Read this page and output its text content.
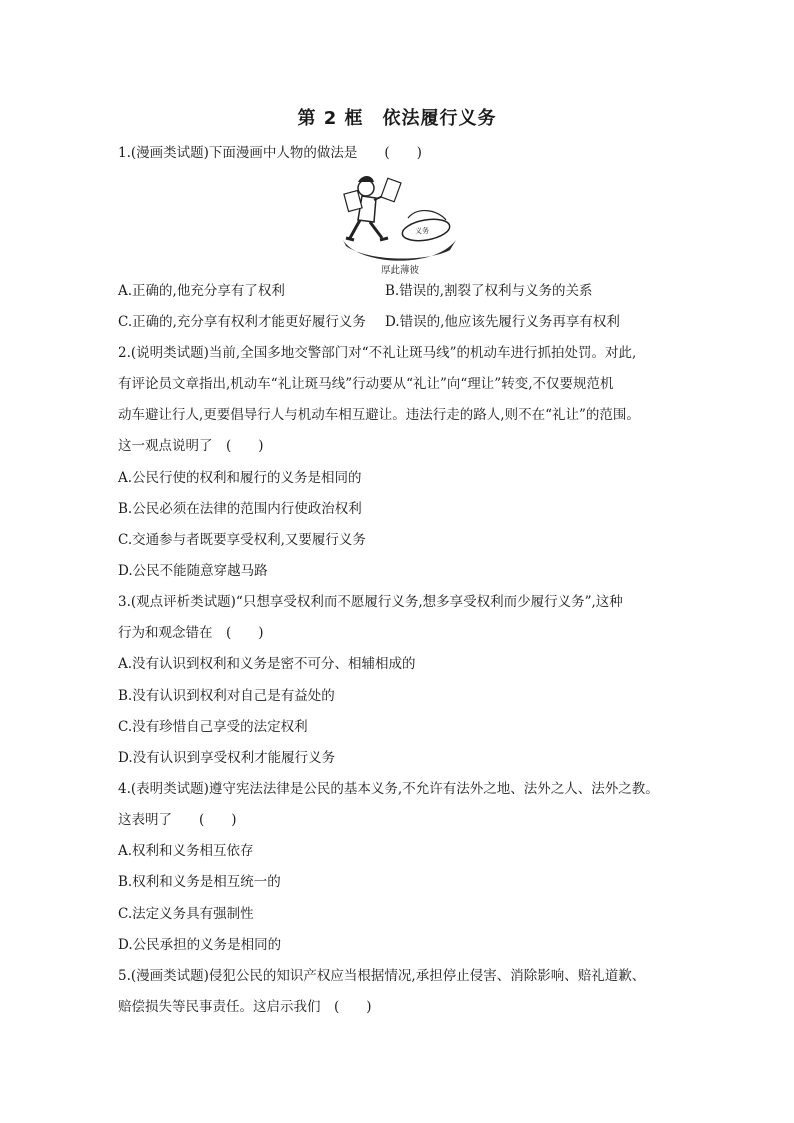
第 2 框　依法履行义务
1.(漫画类试题)下面漫画中人物的做法是　　(　　)
义务
厚此薄彼
A.正确的,他充分享有了权利	B.错误的,割裂了权利与义务的关系
C.正确的,充分享有权利才能更好履行义务 D.错误的,他应该先履行义务再享有权利
2.(说明类试题)当前,全国多地交警部门对“不礼让斑马线”的机动车进行抓拍处罚。对此,
有评论员文章指出,机动车“礼让斑马线”行动要从“礼让”向“理让”转变,不仅要规范机
动车避让行人,更要倡导行人与机动车相互避让。违法行走的路人,则不在“礼让”的范围。
这一观点说明了　(　　)
A.公民行使的权利和履行的义务是相同的
B.公民必须在法律的范围内行使政治权利
C.交通参与者既要享受权利,又要履行义务
D.公民不能随意穿越马路
3.(观点评析类试题)“只想享受权利而不愿履行义务,想多享受权利而少履行义务”,这种
行为和观念错在　(　　)
A.没有认识到权利和义务是密不可分、相辅相成的
B.没有认识到权利对自己是有益处的
C.没有珍惜自己享受的法定权利
D.没有认识到享受权利才能履行义务
4.(表明类试题)遵守宪法法律是公民的基本义务,不允许有法外之地、法外之人、法外之教。
这表明了　　(　　)
A.权利和义务相互依存
B.权利和义务是相互统一的
C.法定义务具有强制性
D.公民承担的义务是相同的
5.(漫画类试题)侵犯公民的知识产权应当根据情况,承担停止侵害、消除影响、赔礼道歉、
赔偿损失等民事责任。这启示我们　(　　)
